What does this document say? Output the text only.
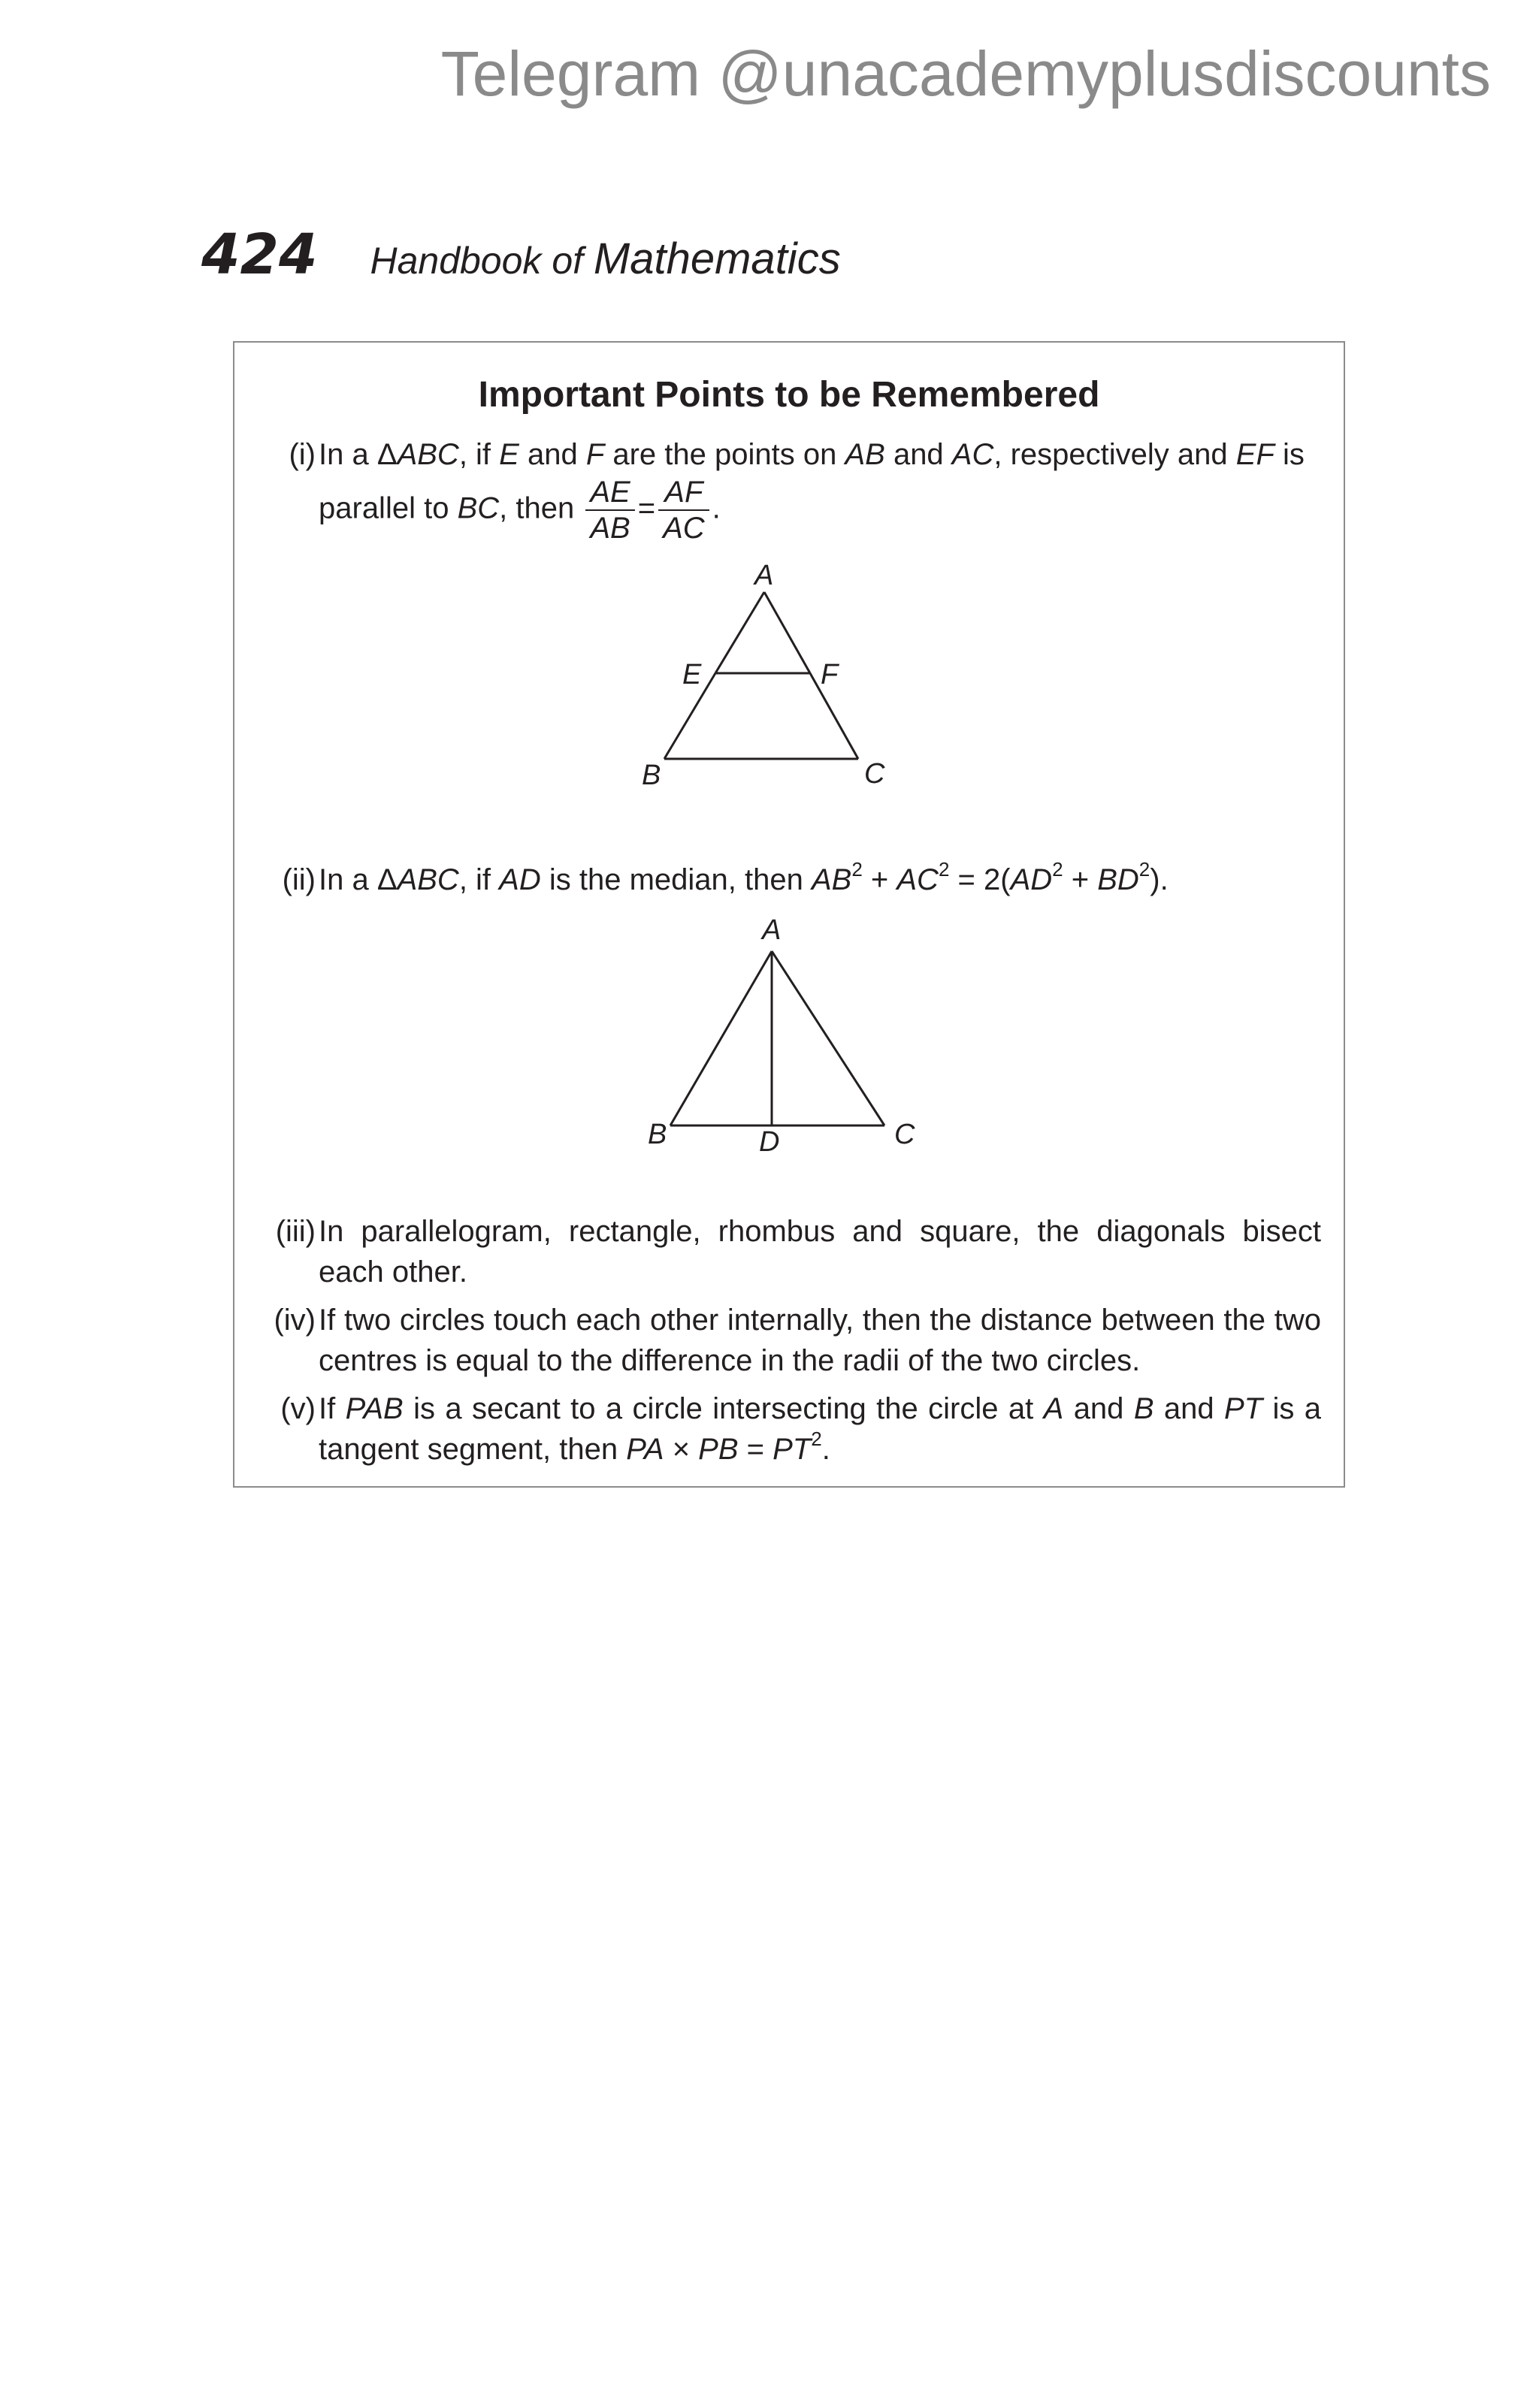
Telegram @unacademyplusdiscounts
424 Handbook of Mathematics
Important Points to be Remembered
(i) In a ΔABC, if E and F are the points on AB and AC, respectively and EF is
parallel to BC, then $\frac{AE}{AB} = \frac{AF}{AC}$ .
A
E	F
B	C
(ii) In a ΔABC, if AD is the median, then $AB^2 + AC^2 = 2(AD^2 + BD^2)$.
A
B	D	C
(iii) In parallelogram, rectangle, rhombus and square, the diagonals bisect each other.
(iv) If two circles touch each other internally, then the distance between the two centres is equal to the difference in the radii of the two circles.
(v) If PAB is a secant to a circle intersecting the circle at A and B and PT is a tangent segment, then PA × PB = $PT^2$.
